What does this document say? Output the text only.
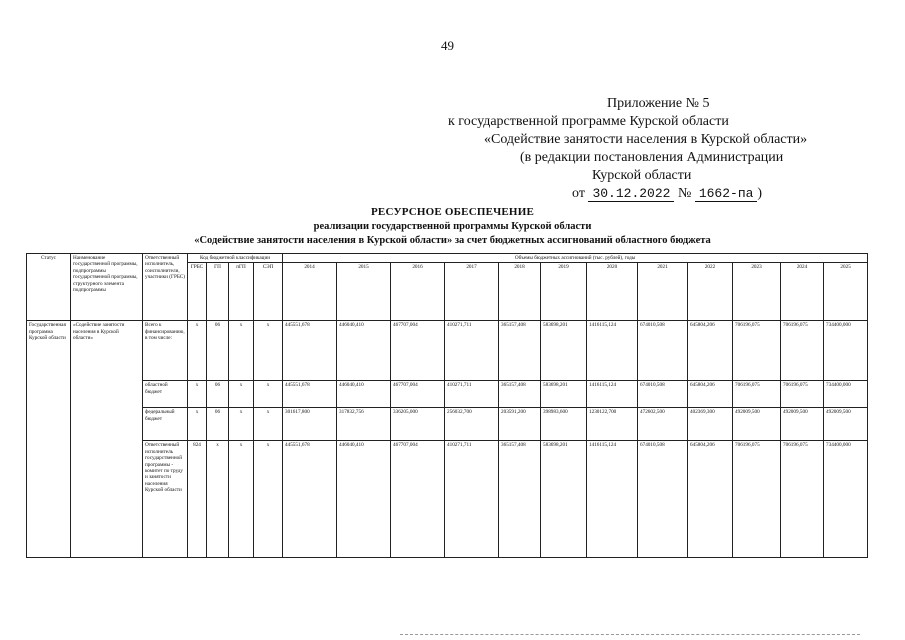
49
Приложение № 5
к государственной программе Курской области
«Содействие занятости населения в Курской области»
(в редакции постановления Администрации
Курской области
от 30.12.2022 № 1662-па )
РЕСУРСНОЕ ОБЕСПЕЧЕНИЕ
реализации государственной программы Курской области
«Содействие занятости населения в Курской области» за счет бюджетных ассигнований областного бюджета
Статус	Наименование государственной программы, подпрограммы государственной программы, структурного элемента подпрограммы	Ответственный исполнитель, соисполнители, участники (ГРБС)	Код бюджетной классификации				Объемы бюджетных ассигнований (тыс. рублей), годы											
			ГРБС	ГП	пГП	СЭП	2014	2015	2016	2017	2018	2019	2020	2021	2022	2023	2024	2025
Государственная программа Курской области	«Содействие занятости населения в Курской области»	Всего к финансированию, в том числе:	х	06	х	х	445551,678	446040,410	467707,004	410271,711	365157,408	583698,201	1416115,124	674010,508	645804,206	706196,075	706196,075	734400,000
		областной бюджет	х	06	х	х	445551,678	446040,410	467707,004	410271,711	365157,408	583698,201	1416115,124	674010,508	645804,206	706196,075	706196,075	734400,000
		федеральный бюджет	х	06	х	х	301617,800	317832,756	336205,000	256032,700	203591,200	398983,600	1230122,700	472602,500	402369,300	492009,500	492009,500	492009,500
		Ответственный исполнитель государственной программы - комитет по труду и занятости населения Курской области	824	х	х	х	445551,678	446040,410	467707,004	410271,711	365157,408	583698,201	1416115,124	674010,508	645804,206	706196,075	706196,075	734400,000
